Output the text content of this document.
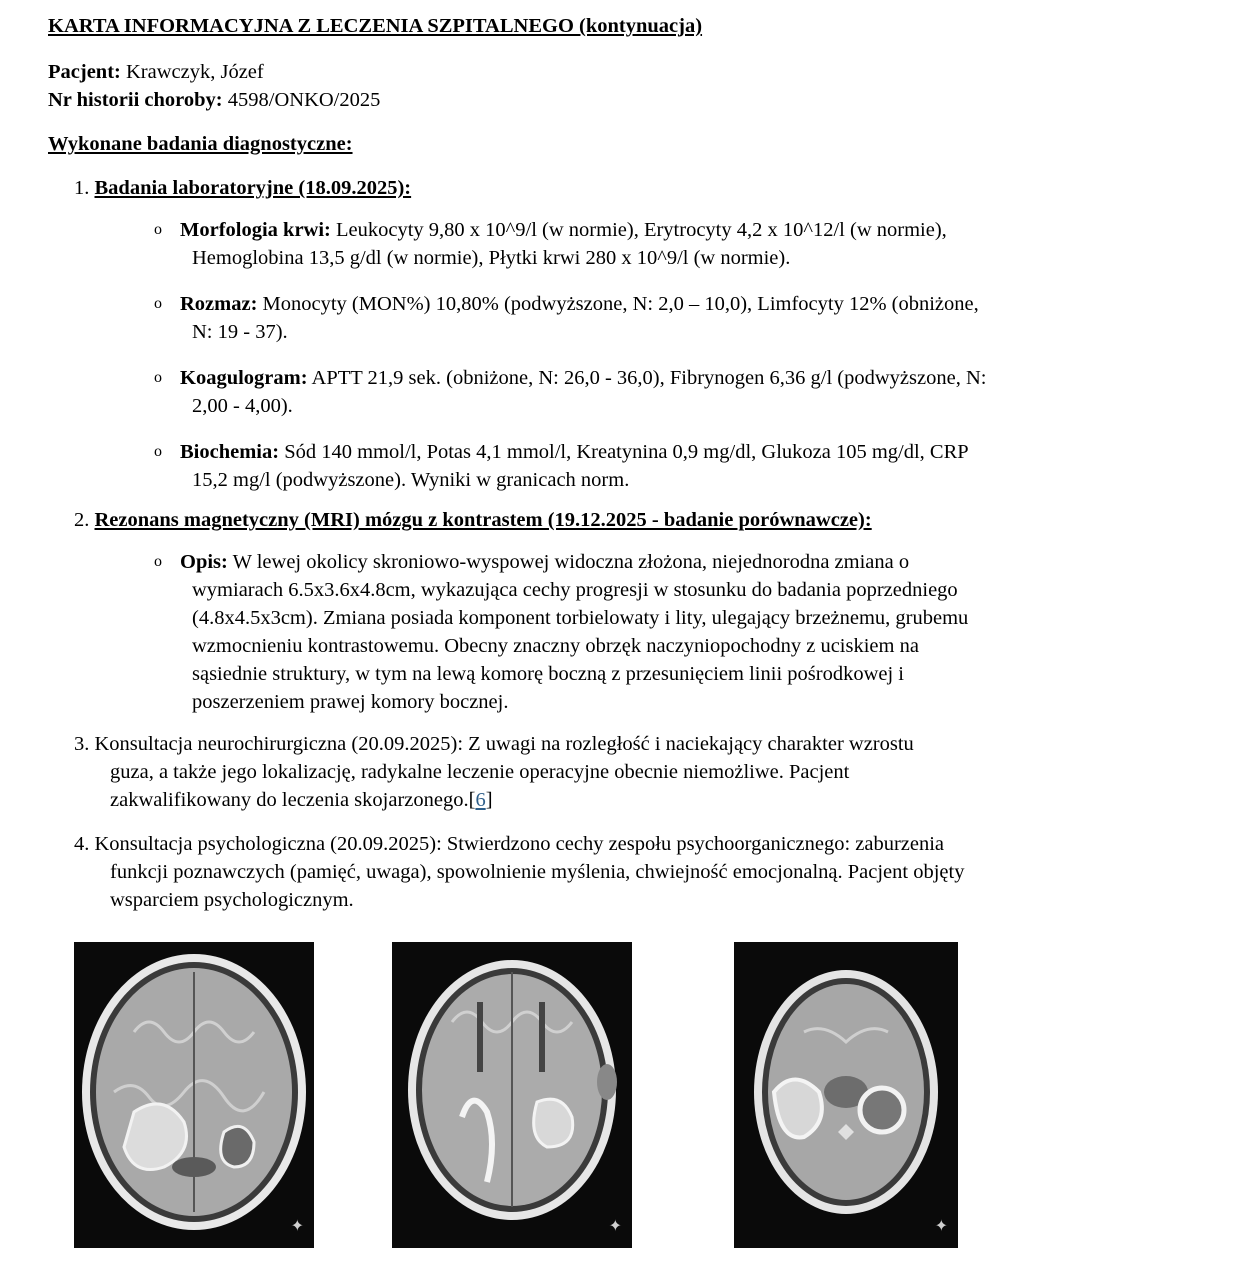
KARTA INFORMACYJNA Z LECZENIA SZPITALNEGO (kontynuacja)
Pacjent: Krawczyk, Józef
Nr historii choroby: 4598/ONKO/2025
Wykonane badania diagnostyczne:
1. Badania laboratoryjne (18.09.2025):
o Morfologia krwi: Leukocyty 9,80 x 10^9/l (w normie), Erytrocyty 4,2 x 10^12/l (w normie),
Hemoglobina 13,5 g/dl (w normie), Płytki krwi 280 x 10^9/l (w normie).
o Rozmaz: Monocyty (MON%) 10,80% (podwyższone, N: 2,0 – 10,0), Limfocyty 12% (obniżone,
N: 19 - 37).
o Koagulogram: APTT 21,9 sek. (obniżone, N: 26,0 - 36,0), Fibrynogen 6,36 g/l (podwyższone, N:
2,00 - 4,00).
o Biochemia: Sód 140 mmol/l, Potas 4,1 mmol/l, Kreatynina 0,9 mg/dl, Glukoza 105 mg/dl, CRP
15,2 mg/l (podwyższone). Wyniki w granicach norm.
2. Rezonans magnetyczny (MRI) mózgu z kontrastem (19.12.2025 - badanie porównawcze):
o Opis: W lewej okolicy skroniowo-wyspowej widoczna złożona, niejednorodna zmiana o
wymiarach 6.5x3.6x4.8cm, wykazująca cechy progresji w stosunku do badania poprzedniego
(4.8x4.5x3cm). Zmiana posiada komponent torbielowaty i lity, ulegający brzeżnemu, grubemu
wzmocnieniu kontrastowemu. Obecny znaczny obrzęk naczyniopochodny z uciskiem na
sąsiednie struktury, w tym na lewą komorę boczną z przesunięciem linii pośrodkowej i
poszerzeniem prawej komory bocznej.
3. Konsultacja neurochirurgiczna (20.09.2025): Z uwagi na rozległość i naciekający charakter wzrostu
guza, a także jego lokalizację, radykalne leczenie operacyjne obecnie niemożliwe. Pacjent
zakwalifikowany do leczenia skojarzonego.[6]
4. Konsultacja psychologiczna (20.09.2025): Stwierdzono cechy zespołu psychoorganicznego: zaburzenia
funkcji poznawczych (pamięć, uwaga), spowolnienie myślenia, chwiejność emocjonalną. Pacjent objęty
wsparciem psychologicznym.
✦	✦	✦
